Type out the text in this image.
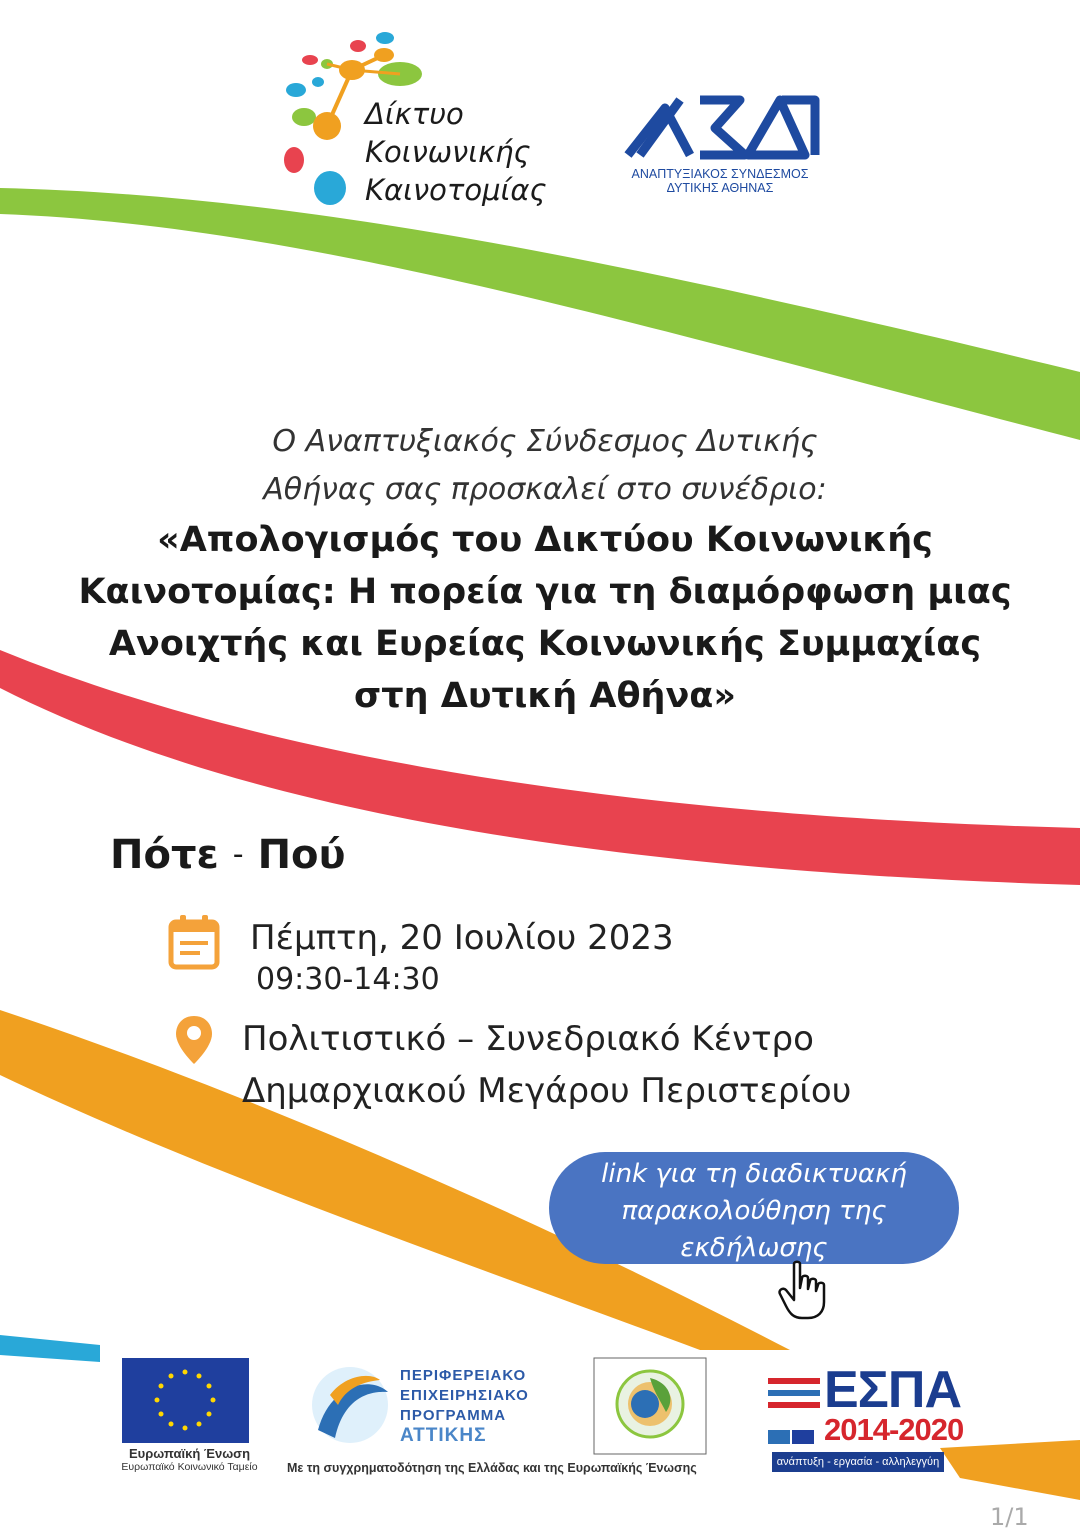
Δίκτυο
Κοινωνικής
Καινοτομίας	ΑΝΑΠΤΥΞΙΑΚΟΣ ΣΥΝΔΕΣΜΟΣ
ΔΥΤΙΚΗΣ ΑΘΗΝΑΣ
Ο Αναπτυξιακός Σύνδεσμος Δυτικής
Αθήνας σας προσκαλεί στο συνέδριο:
«Απολογισμός του Δικτύου Κοινωνικής
Καινοτομίας: Η πορεία για τη διαμόρφωση μιας
Ανοιχτής και Ευρείας Κοινωνικής Συμμαχίας
στη Δυτική Αθήνα»
Πότε - Πού
Πέμπτη, 20 Ιουλίου 2023
09:30-14:30
Πολιτιστικό – Συνεδριακό Κέντρο
Δημαρχιακού Μεγάρου Περιστερίου
link για τη διαδικτυακή
παρακολούθηση της
εκδήλωσης
Ευρωπαϊκή Ένωση
Ευρωπαϊκό Κοινωνικό Ταμείο
ΠΕΡΙΦΕΡΕΙΑΚΟ
ΕΠΙΧΕΙΡΗΣΙΑΚΟ
ΠΡΟΓΡΑΜΜΑ
ΑΤΤΙΚΗΣ
Με τη συγχρηματοδότηση της Ελλάδας και της Ευρωπαϊκής Ένωσης
ΕΣΠΑ
2014-2020
ανάπτυξη - εργασία - αλληλεγγύη
1/1
